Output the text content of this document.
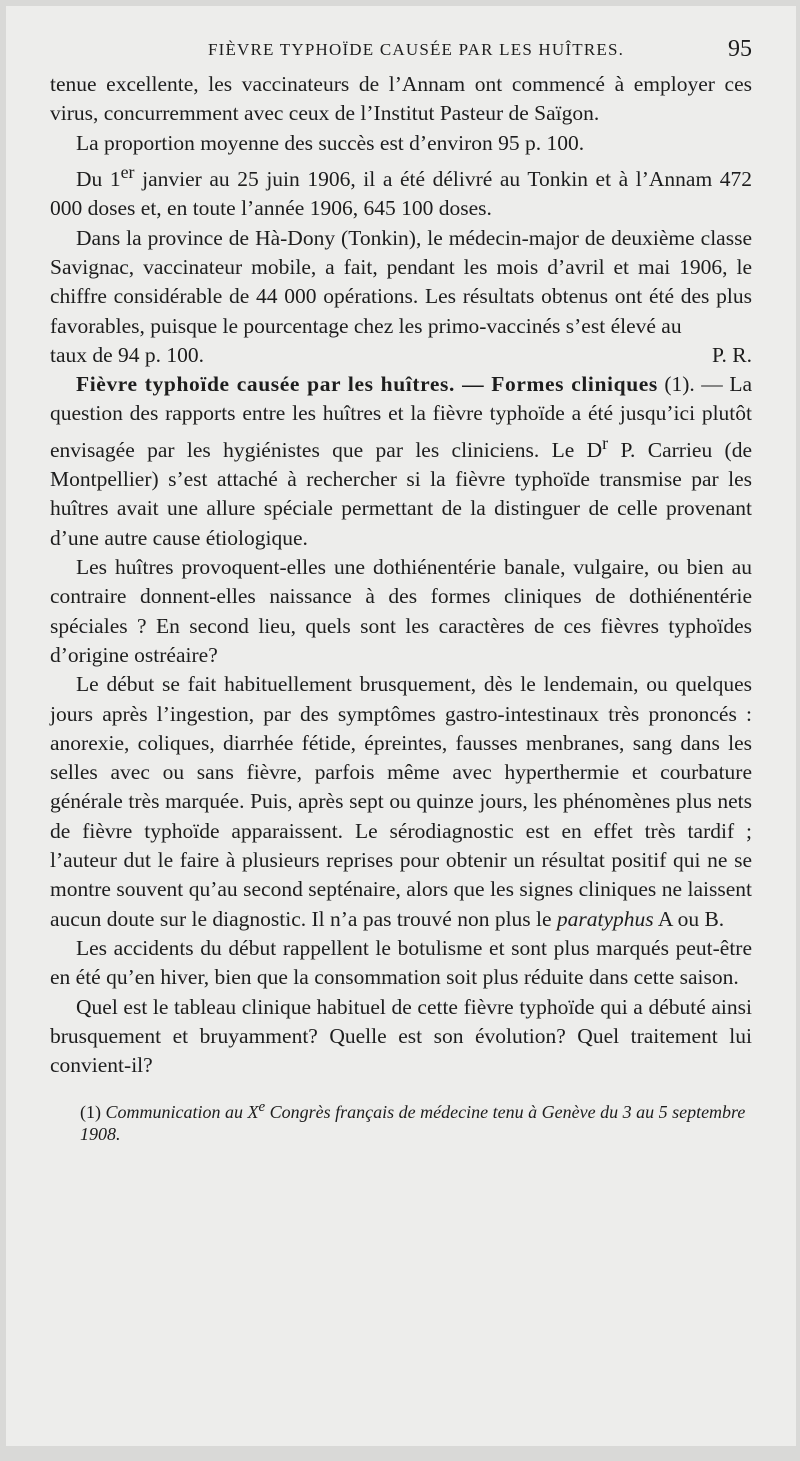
FIÈVRE TYPHOÏDE CAUSÉE PAR LES HUÎTRES.	95

tenue excellente, les vaccinateurs de l’Annam ont commencé à employer ces virus, concurremment avec ceux de l’Institut Pasteur de Saïgon.

La proportion moyenne des succès est d’environ 95 p. 100.

Du 1er janvier au 25 juin 1906, il a été délivré au Tonkin et à l’Annam 472 000 doses et, en toute l’année 1906, 645 100 doses.

Dans la province de Hà-Dony (Tonkin), le médecin-major de deuxième classe Savignac, vaccinateur mobile, a fait, pendant les mois d’avril et mai 1906, le chiffre considérable de 44 000 opérations. Les résultats obtenus ont été des plus favorables, puisque le pourcentage chez les primo-vaccinés s’est élevé au

taux de 94 p. 100.	P. R.

Fièvre typhoïde causée par les huîtres. — Formes cliniques (1). — La question des rapports entre les huîtres et la fièvre typhoïde a été jusqu’ici plutôt envisagée par les hygiénistes que par les cliniciens. Le $D^r$ P. Carrieu (de Montpellier) s’est attaché à rechercher si la fièvre typhoïde transmise par les huîtres avait une allure spéciale permettant de la distinguer de celle provenant d’une autre cause étiologique.

Les huîtres provoquent-elles une dothiénentérie banale, vulgaire, ou bien au contraire donnent-elles naissance à des formes cliniques de dothiénentérie spéciales ? En second lieu, quels sont les caractères de ces fièvres typhoïdes d’origine ostréaire?

Le début se fait habituellement brusquement, dès le lendemain, ou quelques jours après l’ingestion, par des symptômes gastro-intestinaux très prononcés : anorexie, coliques, diarrhée fétide, épreintes, fausses menbranes, sang dans les selles avec ou sans fièvre, parfois même avec hyperthermie et courbature générale très marquée. Puis, après sept ou quinze jours, les phénomènes plus nets de fièvre typhoïde apparaissent. Le sérodiagnostic est en effet très tardif ; l’auteur dut le faire à plusieurs reprises pour obtenir un résultat positif qui ne se montre souvent qu’au second septénaire, alors que les signes cliniques ne laissent aucun doute sur le diagnostic. Il n’a pas trouvé non plus le paratyphus A ou B.

Les accidents du début rappellent le botulisme et sont plus marqués peut-être en été qu’en hiver, bien que la consommation soit plus réduite dans cette saison.

Quel est le tableau clinique habituel de cette fièvre typhoïde qui a débuté ainsi brusquement et bruyamment? Quelle est son évolution? Quel traitement lui convient-il?

(1) Communication au Xe Congrès français de médecine tenu à Genève du 3 au 5 septembre 1908.
